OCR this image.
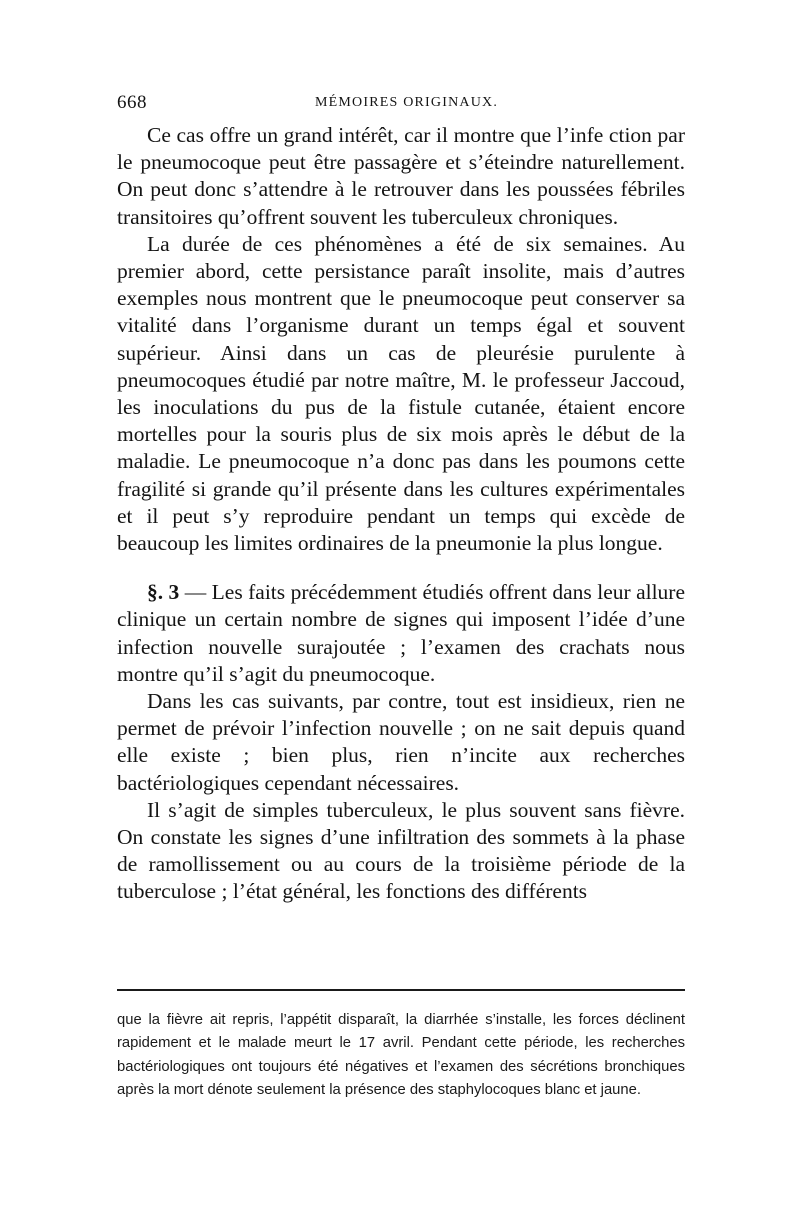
668	MÉMOIRES ORIGINAUX.

Ce cas offre un grand intérêt, car il montre que l’infe ction par le pneumocoque peut être passagère et s’éteindre naturellement. On peut donc s’attendre à le retrouver dans les poussées fébriles transitoires qu’offrent souvent les tuberculeux chroniques.

La durée de ces phénomènes a été de six semaines. Au premier abord, cette persistance paraît insolite, mais d’autres exemples nous montrent que le pneumocoque peut conserver sa vitalité dans l’organisme durant un temps égal et souvent supérieur. Ainsi dans un cas de pleurésie purulente à pneumocoques étudié par notre maître, M. le professeur Jaccoud, les inoculations du pus de la fistule cutanée, étaient encore mortelles pour la souris plus de six mois après le début de la maladie. Le pneumocoque n’a donc pas dans les poumons cette fragilité si grande qu’il présente dans les cultures expérimentales et il peut s’y reproduire pendant un temps qui excède de beaucoup les limites ordinaires de la pneumonie la plus longue.

§. 3 — Les faits précédemment étudiés offrent dans leur allure clinique un certain nombre de signes qui imposent l’idée d’une infection nouvelle surajoutée ; l’examen des crachats nous montre qu’il s’agit du pneumocoque.

Dans les cas suivants, par contre, tout est insidieux, rien ne permet de prévoir l’infection nouvelle ; on ne sait depuis quand elle existe ; bien plus, rien n’incite aux recherches bactériologiques cependant nécessaires.

Il s’agit de simples tuberculeux, le plus souvent sans fièvre. On constate les signes d’une infiltration des sommets à la phase de ramollissement ou au cours de la troisième période de la tuberculose ; l’état général, les fonctions des différents

que la fièvre ait repris, l’appétit disparaît, la diarrhée s’installe, les forces déclinent rapidement et le malade meurt le 17 avril. Pendant cette période, les recherches bactériologiques ont toujours été négatives et l’examen des sécrétions bronchiques après la mort dénote seulement la présence des staphylocoques blanc et jaune.
